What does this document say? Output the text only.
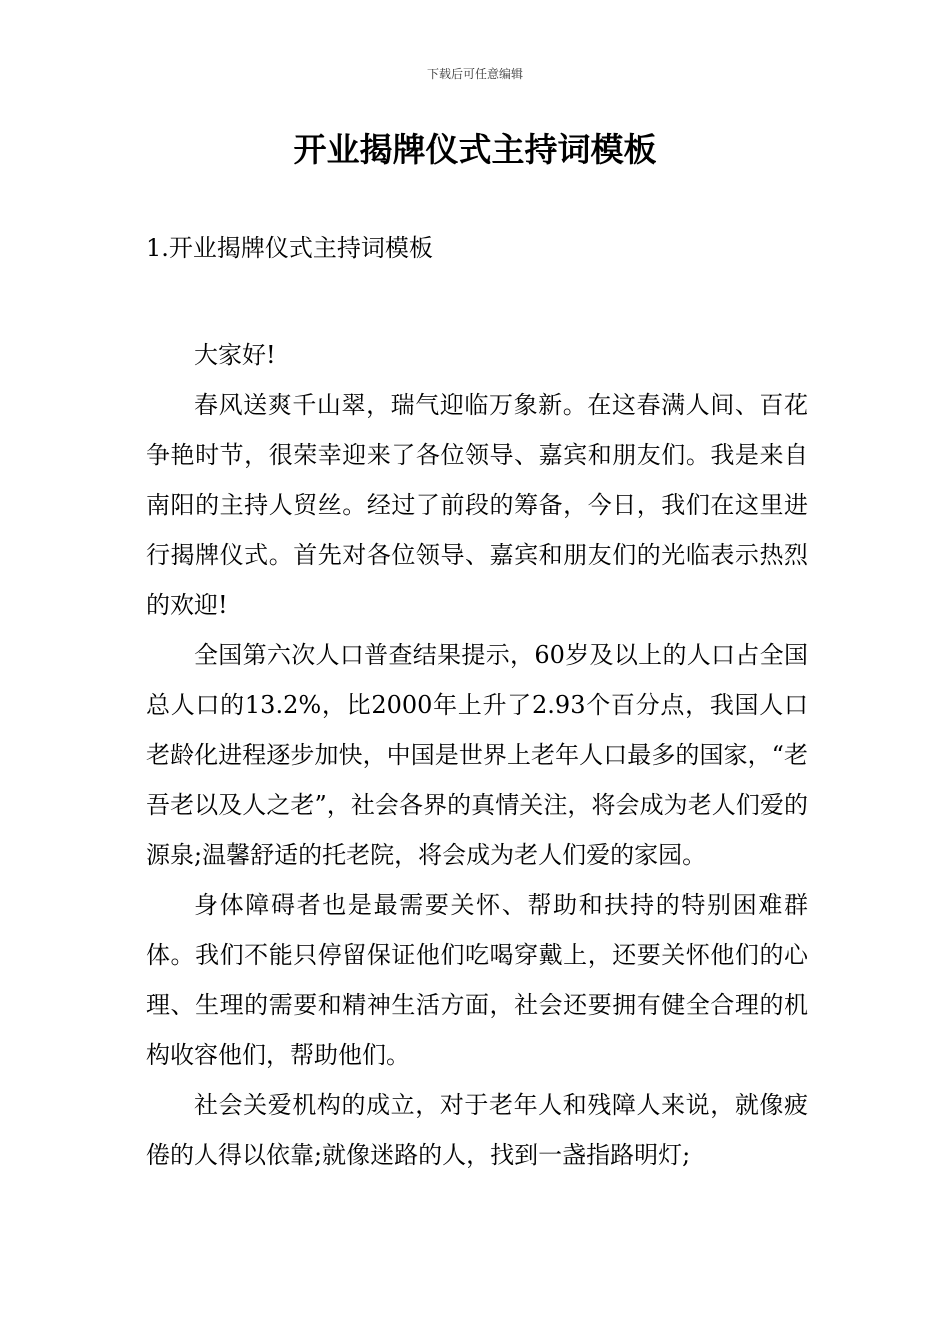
下载后可任意编辑
开业揭牌仪式主持词模板
1.开业揭牌仪式主持词模板

大家好!

春风送爽千山翠，瑞气迎临万象新。在这春满人间、百花争艳时节，很荣幸迎来了各位领导、嘉宾和朋友们。我是来自南阳的主持人贸丝。经过了前段的筹备，今日，我们在这里进行揭牌仪式。首先对各位领导、嘉宾和朋友们的光临表示热烈的欢迎!

全国第六次人口普查结果提示，60岁及以上的人口占全国总人口的13.2%，比2000年上升了2.93个百分点，我国人口老龄化进程逐步加快，中国是世界上老年人口最多的国家，“老吾老以及人之老”，社会各界的真情关注，将会成为老人们爱的源泉;温馨舒适的托老院，将会成为老人们爱的家园。

身体障碍者也是最需要关怀、帮助和扶持的特别困难群体。我们不能只停留保证他们吃喝穿戴上，还要关怀他们的心理、生理的需要和精神生活方面，社会还要拥有健全合理的机构收容他们，帮助他们。

社会关爱机构的成立，对于老年人和残障人来说，就像疲倦的人得以依靠;就像迷路的人，找到一盏指路明灯;
